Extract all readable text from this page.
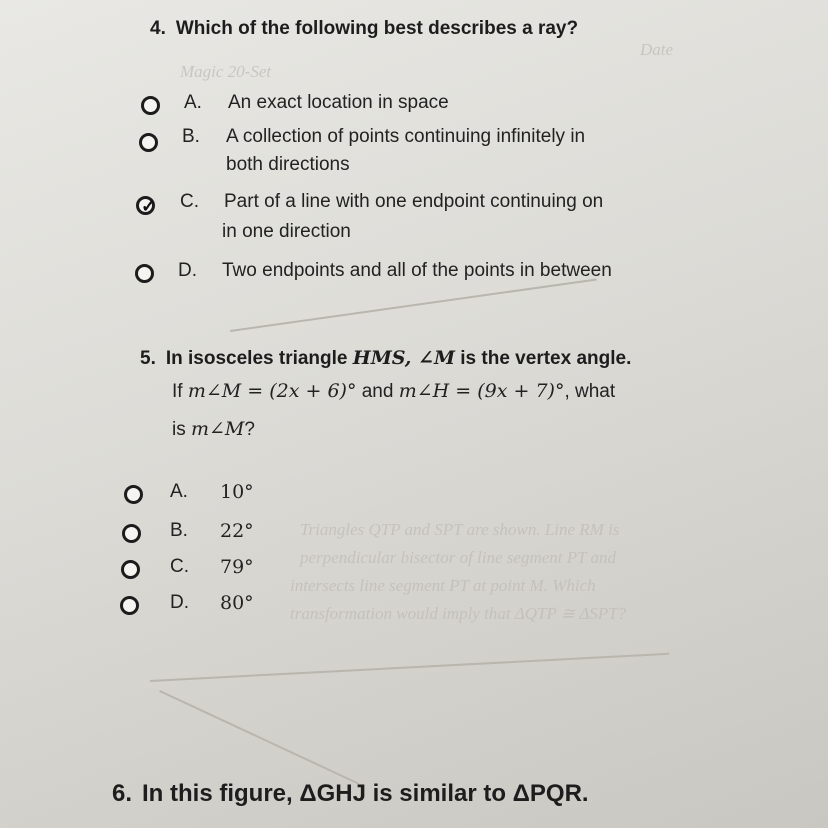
Date
Magic 20-Set
Triangles QTP and SPT are shown. Line RM is
perpendicular bisector of line segment PT and
intersects line segment PT at point M. Which
transformation would imply that ΔQTP ≅ ΔSPT?
4. Which of the following best describes a ray?
A. An exact location in space
B. A collection of points continuing infinitely in
both directions
✓ C. Part of a line with one endpoint continuing on
in one direction
D. Two endpoints and all of the points in between
5. In isosceles triangle HMS, ∠M is the vertex angle.
If m∠M = (2x + 6)° and m∠H = (9x + 7)°, what
is m∠M?
A. 10°
B. 22°
C. 79°
D. 80°
6. In this figure, ΔGHJ is similar to ΔPQR.
